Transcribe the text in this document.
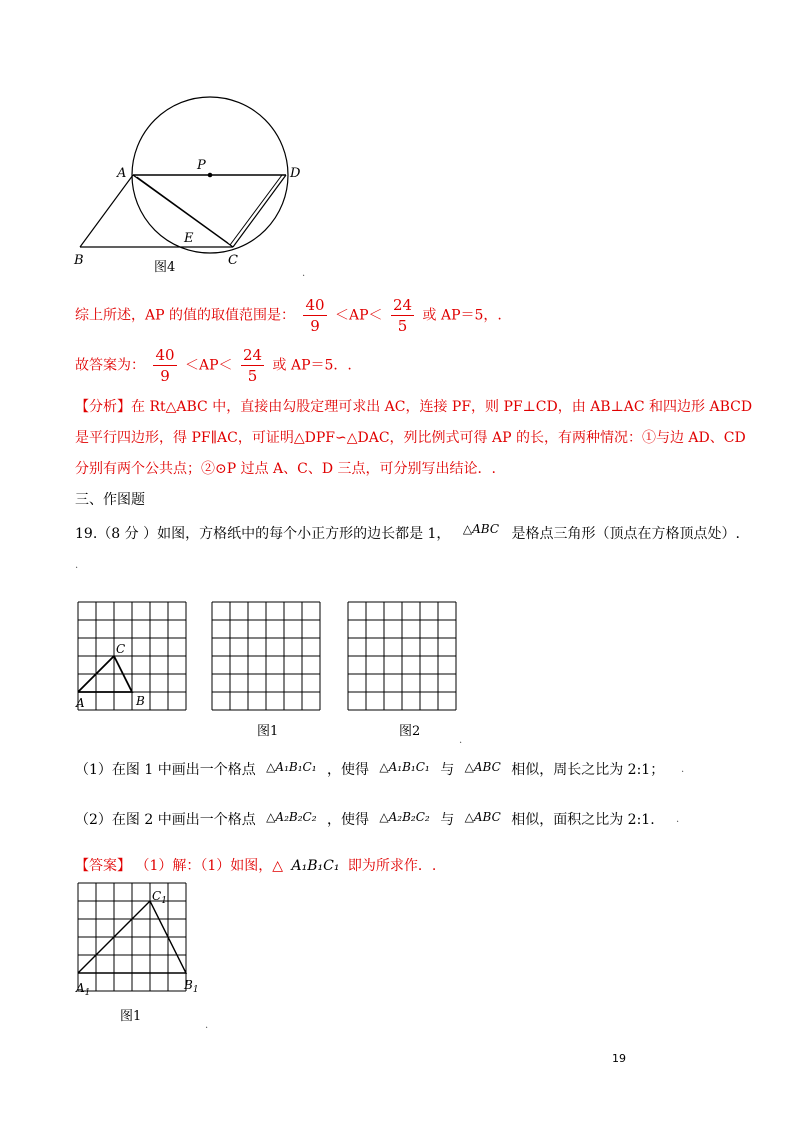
A
P
D
E
B	C
图4	.
综上所述，AP 的值的取值范围是： $\frac{40}{9} <AP< \frac{24}{5}$ 或 AP＝5，.
故答案为： $\frac{40}{9} <AP< \frac{24}{5}$ 或 AP＝5．.
【分析】在 Rt△ABC 中，直接由勾股定理可求出 AC，连接 PF，则 PF⊥CD，由 AB⊥AC 和四边形 ABCD
是平行四边形，得 PF∥AC，可证明△DPF∽△DAC，列比例式可得 AP 的长，有两种情况：①与边 AD、CD
分别有两个公共点；②⊙P 过点 A、C、D 三点，可分别写出结论．.
三、作图题
19.（8 分 ）如图，方格纸中的每个小正方形的边长都是 1， △ABC 是格点三角形（顶点在方格顶点处）.
.
A	B
C
图1	图2
.
（1）在图 1 中画出一个格点 △A₁B₁C₁ ，使得 △A₁B₁C₁ 与 △ABC 相似，周长之比为 2:1； .
（2）在图 2 中画出一个格点 △A₂B₂C₂ ，使得 △A₂B₂C₂ 与 △ABC 相似，面积之比为 2:1. .
【答案】 （1）解：（1）如图，△ A₁B₁C₁ 即为所求作．.
$A_1$
$B_1$
$C_1$
图1
.
19
